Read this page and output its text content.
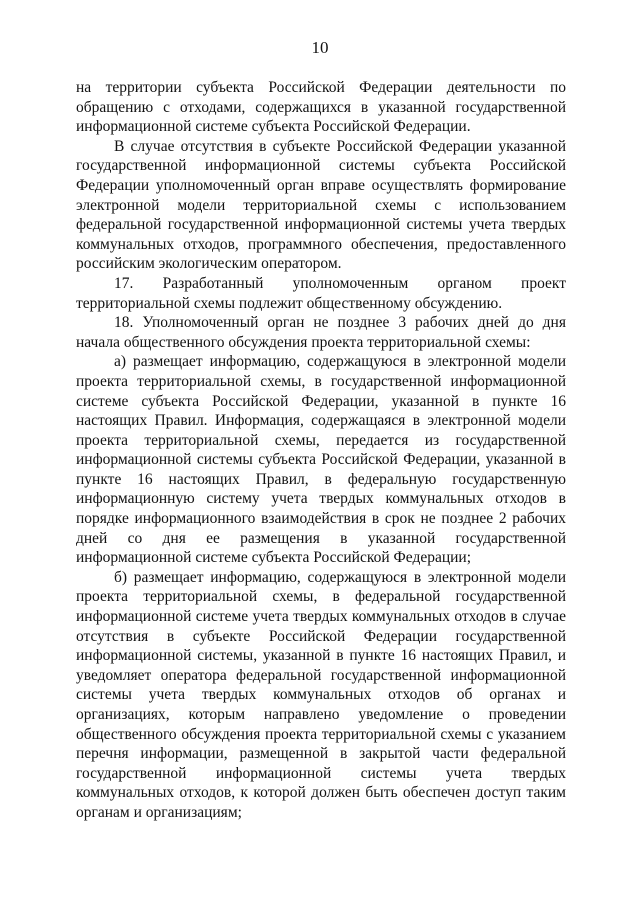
10

на территории субъекта Российской Федерации деятельности по обращению с отходами, содержащихся в указанной государственной информационной системе субъекта Российской Федерации.

В случае отсутствия в субъекте Российской Федерации указанной государственной информационной системы субъекта Российской Федерации уполномоченный орган вправе осуществлять формирование электронной модели территориальной схемы с использованием федеральной государственной информационной системы учета твердых коммунальных отходов, программного обеспечения, предоставленного российским экологическим оператором.

17. Разработанный уполномоченным органом проект территориальной схемы подлежит общественному обсуждению.

18. Уполномоченный орган не позднее 3 рабочих дней до дня начала общественного обсуждения проекта территориальной схемы:

а) размещает информацию, содержащуюся в электронной модели проекта территориальной схемы, в государственной информационной системе субъекта Российской Федерации, указанной в пункте 16 настоящих Правил. Информация, содержащаяся в электронной модели проекта территориальной схемы, передается из государственной информационной системы субъекта Российской Федерации, указанной в пункте 16 настоящих Правил, в федеральную государственную информационную систему учета твердых коммунальных отходов в порядке информационного взаимодействия в срок не позднее 2 рабочих дней со дня ее размещения в указанной государственной информационной системе субъекта Российской Федерации;

б) размещает информацию, содержащуюся в электронной модели проекта территориальной схемы, в федеральной государственной информационной системе учета твердых коммунальных отходов в случае отсутствия в субъекте Российской Федерации государственной информационной системы, указанной в пункте 16 настоящих Правил, и уведомляет оператора федеральной государственной информационной системы учета твердых коммунальных отходов об органах и организациях, которым направлено уведомление о проведении общественного обсуждения проекта территориальной схемы с указанием перечня информации, размещенной в закрытой части федеральной государственной информационной системы учета твердых коммунальных отходов, к которой должен быть обеспечен доступ таким органам и организациям;
